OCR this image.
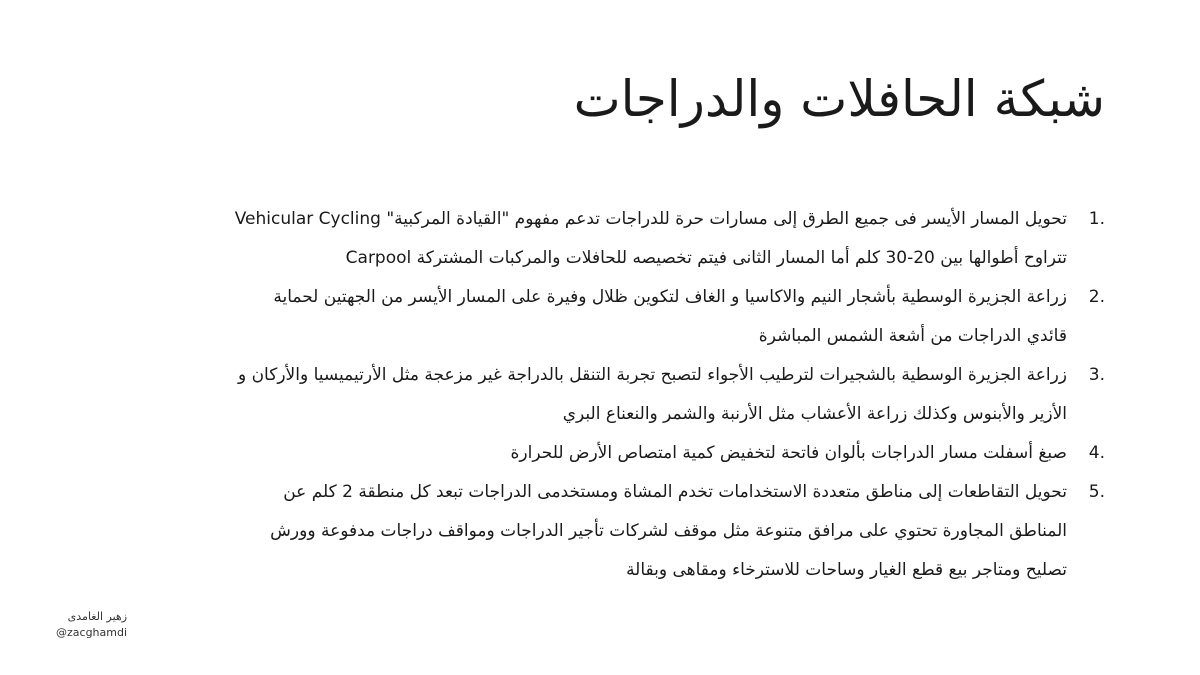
شبكة الحافلات والدراجات
1.
تحويل المسار الأيسر فى جميع الطرق إلى مسارات حرة للدراجات تدعم مفهوم "القيادة المركبية" Vehicular Cycling
تتراوح أطوالها بين 20-30 كلم أما المسار الثانى فيتم تخصيصه للحافلات والمركبات المشتركة Carpool
2.
زراعة الجزيرة الوسطية بأشجار النيم والاكاسيا و الغاف لتكوين ظلال وفيرة على المسار الأيسر من الجهتين لحماية
قائدي الدراجات من أشعة الشمس المباشرة
3.
زراعة الجزيرة الوسطية بالشجيرات لترطيب الأجواء لتصبح تجربة التنقل بالدراجة غير مزعجة مثل الأرتيميسيا والأركان و
الأزير والأبنوس وكذلك زراعة الأعشاب مثل الأرنبة والشمر والنعناع البري
4.
صبغ أسفلت مسار الدراجات بألوان فاتحة لتخفيض كمية امتصاص الأرض للحرارة
5.
تحويل التقاطعات إلى مناطق متعددة الاستخدامات تخدم المشاة ومستخدمى الدراجات تبعد كل منطقة 2 كلم عن
المناطق المجاورة تحتوي على مرافق متنوعة مثل موقف لشركات تأجير الدراجات ومواقف دراجات مدفوعة وورش
تصليح ومتاجر بيع قطع الغيار وساحات للاسترخاء ومقاهى وبقالة
زهير الغامدى
@zacghamdi
